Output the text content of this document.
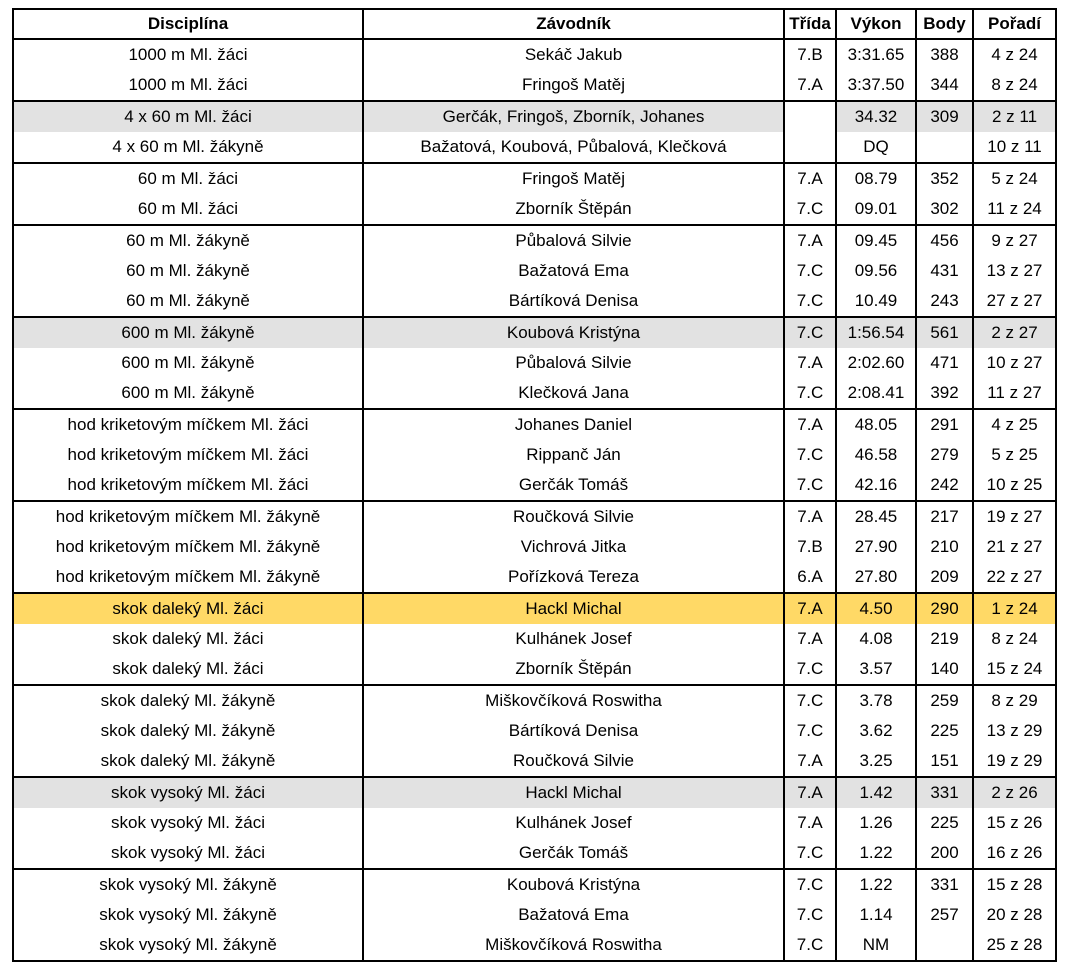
Disciplína	Závodník	Třída	Výkon	Body	Pořadí
1000 m Ml. žáci	Sekáč Jakub	7.B	3:31.65	388	4 z 24
1000 m Ml. žáci	Fringoš Matěj	7.A	3:37.50	344	8 z 24
4 x 60 m Ml. žáci	Gerčák, Fringoš, Zborník, Johanes		34.32	309	2 z 11
4 x 60 m Ml. žákyně	Bažatová, Koubová, Půbalová, Klečková		DQ		10 z 11
60 m Ml. žáci	Fringoš Matěj	7.A	08.79	352	5 z 24
60 m Ml. žáci	Zborník Štěpán	7.C	09.01	302	11 z 24
60 m Ml. žákyně	Půbalová Silvie	7.A	09.45	456	9 z 27
60 m Ml. žákyně	Bažatová Ema	7.C	09.56	431	13 z 27
60 m Ml. žákyně	Bártíková Denisa	7.C	10.49	243	27 z 27
600 m Ml. žákyně	Koubová Kristýna	7.C	1:56.54	561	2 z 27
600 m Ml. žákyně	Půbalová Silvie	7.A	2:02.60	471	10 z 27
600 m Ml. žákyně	Klečková Jana	7.C	2:08.41	392	11 z 27
hod kriketovým míčkem Ml. žáci	Johanes Daniel	7.A	48.05	291	4 z 25
hod kriketovým míčkem Ml. žáci	Rippanč Ján	7.C	46.58	279	5 z 25
hod kriketovým míčkem Ml. žáci	Gerčák Tomáš	7.C	42.16	242	10 z 25
hod kriketovým míčkem Ml. žákyně	Roučková Silvie	7.A	28.45	217	19 z 27
hod kriketovým míčkem Ml. žákyně	Vichrová Jitka	7.B	27.90	210	21 z 27
hod kriketovým míčkem Ml. žákyně	Pořízková Tereza	6.A	27.80	209	22 z 27
skok daleký Ml. žáci	Hackl Michal	7.A	4.50	290	1 z 24
skok daleký Ml. žáci	Kulhánek Josef	7.A	4.08	219	8 z 24
skok daleký Ml. žáci	Zborník Štěpán	7.C	3.57	140	15 z 24
skok daleký Ml. žákyně	Miškovčíková Roswitha	7.C	3.78	259	8 z 29
skok daleký Ml. žákyně	Bártíková Denisa	7.C	3.62	225	13 z 29
skok daleký Ml. žákyně	Roučková Silvie	7.A	3.25	151	19 z 29
skok vysoký Ml. žáci	Hackl Michal	7.A	1.42	331	2 z 26
skok vysoký Ml. žáci	Kulhánek Josef	7.A	1.26	225	15 z 26
skok vysoký Ml. žáci	Gerčák Tomáš	7.C	1.22	200	16 z 26
skok vysoký Ml. žákyně	Koubová Kristýna	7.C	1.22	331	15 z 28
skok vysoký Ml. žákyně	Bažatová Ema	7.C	1.14	257	20 z 28
skok vysoký Ml. žákyně	Miškovčíková Roswitha	7.C	NM		25 z 28
